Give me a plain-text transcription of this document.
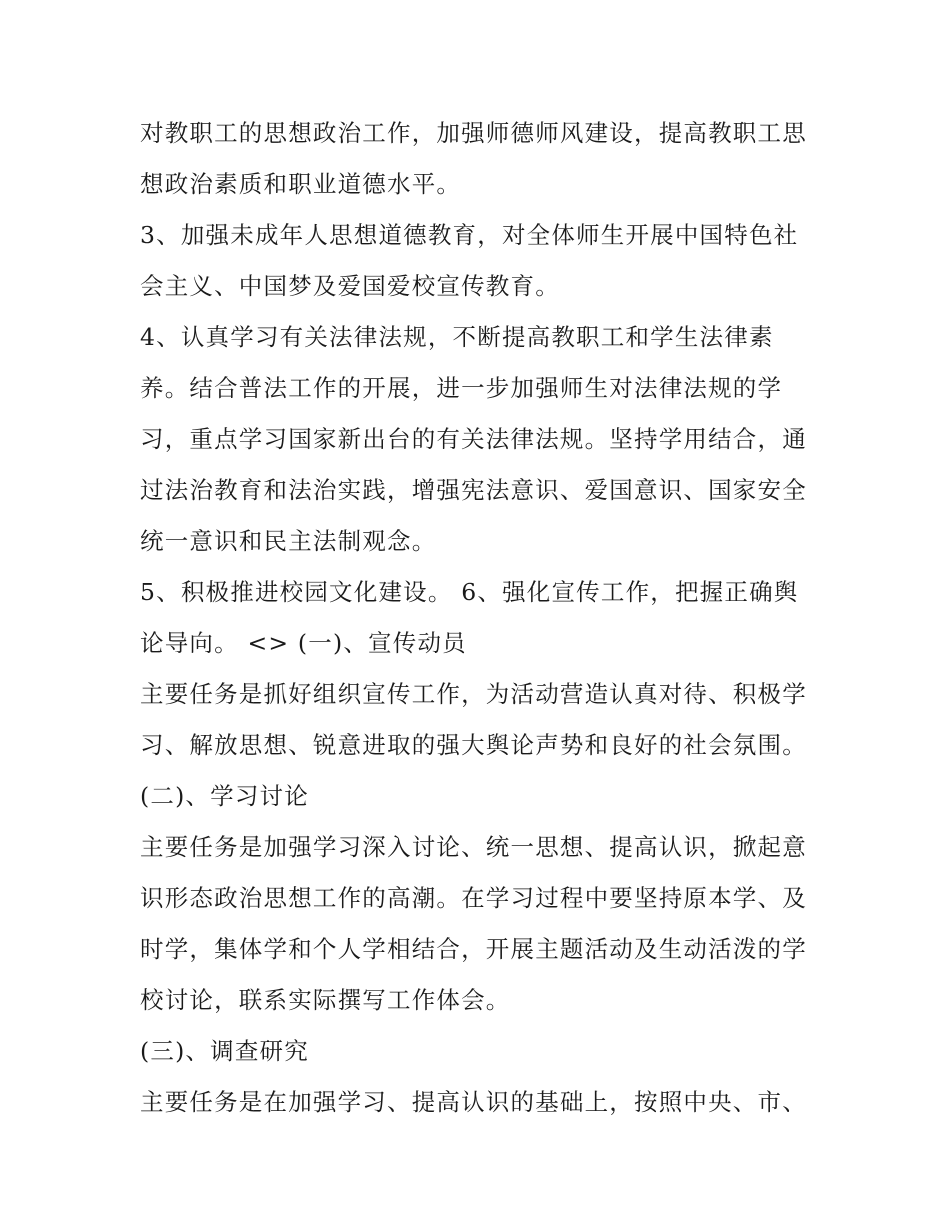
对教职工的思想政治工作，加强师德师风建设，提高教职工思
想政治素质和职业道德水平。
3、加强未成年人思想道德教育，对全体师生开展中国特色社
会主义、中国梦及爱国爱校宣传教育。
4、认真学习有关法律法规，不断提高教职工和学生法律素
养。结合普法工作的开展，进一步加强师生对法律法规的学
习，重点学习国家新出台的有关法律法规。坚持学用结合，通
过法治教育和法治实践，增强宪法意识、爱国意识、国家安全
统一意识和民主法制观念。
5、积极推进校园文化建设。 6、强化宣传工作，把握正确舆
论导向。 <> (一)、宣传动员
主要任务是抓好组织宣传工作，为活动营造认真对待、积极学
习、解放思想、锐意进取的强大舆论声势和良好的社会氛围。
(二)、学习讨论
主要任务是加强学习深入讨论、统一思想、提高认识，掀起意
识形态政治思想工作的高潮。在学习过程中要坚持原本学、及
时学，集体学和个人学相结合，开展主题活动及生动活泼的学
校讨论，联系实际撰写工作体会。
(三)、调查研究
主要任务是在加强学习、提高认识的基础上，按照中央、市、
